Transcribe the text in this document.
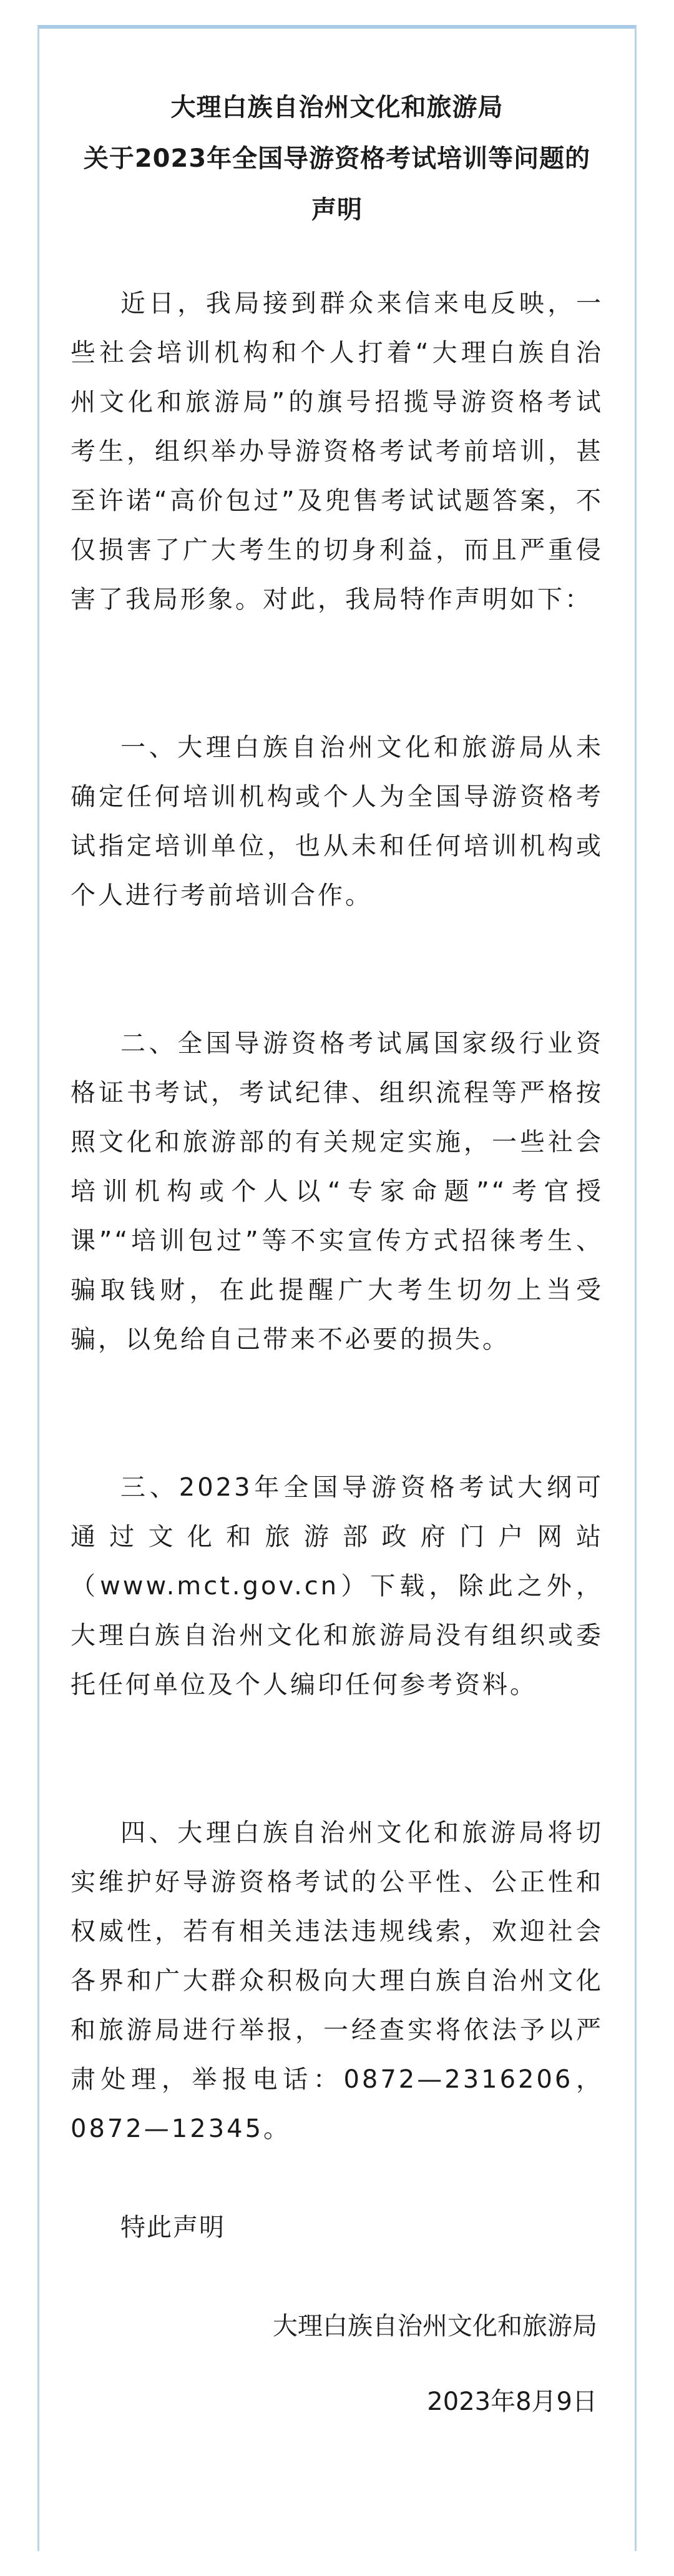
大理白族自治州文化和旅游局
关于2023年全国导游资格考试培训等问题的
声明

近日，我局接到群众来信来电反映，一些社会培训机构和个人打着“大理白族自治州文化和旅游局”的旗号招揽导游资格考试考生，组织举办导游资格考试考前培训，甚至许诺“高价包过”及兜售考试试题答案，不仅损害了广大考生的切身利益，而且严重侵害了我局形象。对此，我局特作声明如下：

一、大理白族自治州文化和旅游局从未确定任何培训机构或个人为全国导游资格考试指定培训单位，也从未和任何培训机构或个人进行考前培训合作。

二、全国导游资格考试属国家级行业资格证书考试，考试纪律、组织流程等严格按照文化和旅游部的有关规定实施，一些社会培训机构或个人以“专家命题”“考官授课”“培训包过”等不实宣传方式招徕考生、骗取钱财，在此提醒广大考生切勿上当受骗，以免给自己带来不必要的损失。

三、2023年全国导游资格考试大纲可通过文化和旅游部政府门户网站（www.mct.gov.cn）下载，除此之外，大理白族自治州文化和旅游局没有组织或委托任何单位及个人编印任何参考资料。

四、大理白族自治州文化和旅游局将切实维护好导游资格考试的公平性、公正性和权威性，若有相关违法违规线索，欢迎社会各界和广大群众积极向大理白族自治州文化和旅游局进行举报，一经查实将依法予以严肃处理，举报电话：0872—2316206，0872—12345。

特此声明

大理白族自治州文化和旅游局

2023年8月9日
